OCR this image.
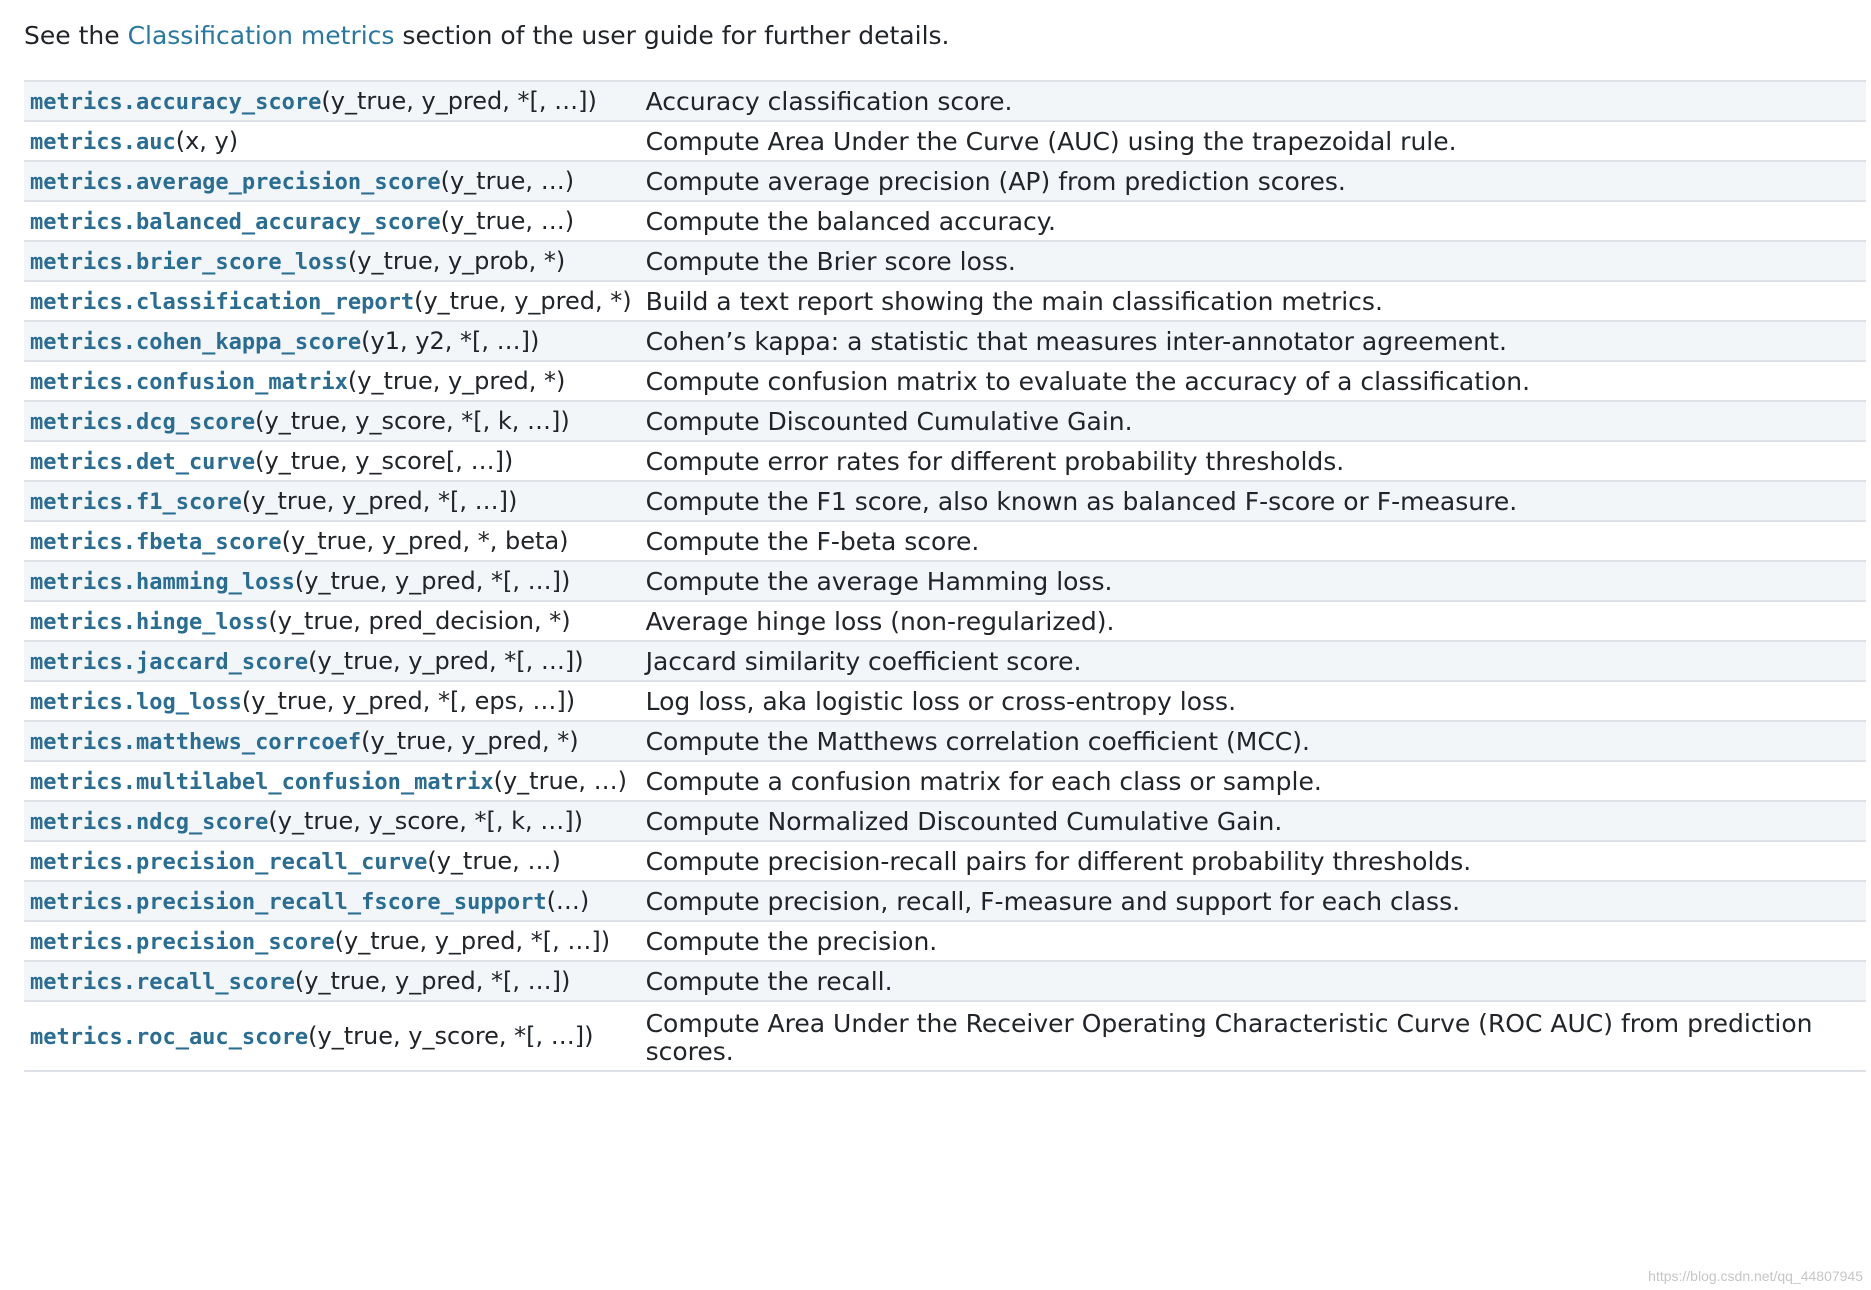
See the Classification metrics section of the user guide for further details.
metrics.accuracy_score(y_true, y_pred, *[, …])	Accuracy classification score.
metrics.auc(x, y)	Compute Area Under the Curve (AUC) using the trapezoidal rule.
metrics.average_precision_score(y_true, …)	Compute average precision (AP) from prediction scores.
metrics.balanced_accuracy_score(y_true, …)	Compute the balanced accuracy.
metrics.brier_score_loss(y_true, y_prob, *)	Compute the Brier score loss.
metrics.classification_report(y_true, y_pred, *)	Build a text report showing the main classification metrics.
metrics.cohen_kappa_score(y1, y2, *[, …])	Cohen’s kappa: a statistic that measures inter-annotator agreement.
metrics.confusion_matrix(y_true, y_pred, *)	Compute confusion matrix to evaluate the accuracy of a classification.
metrics.dcg_score(y_true, y_score, *[, k, …])	Compute Discounted Cumulative Gain.
metrics.det_curve(y_true, y_score[, …])	Compute error rates for different probability thresholds.
metrics.f1_score(y_true, y_pred, *[, …])	Compute the F1 score, also known as balanced F-score or F-measure.
metrics.fbeta_score(y_true, y_pred, *, beta)	Compute the F-beta score.
metrics.hamming_loss(y_true, y_pred, *[, …])	Compute the average Hamming loss.
metrics.hinge_loss(y_true, pred_decision, *)	Average hinge loss (non-regularized).
metrics.jaccard_score(y_true, y_pred, *[, …])	Jaccard similarity coefficient score.
metrics.log_loss(y_true, y_pred, *[, eps, …])	Log loss, aka logistic loss or cross-entropy loss.
metrics.matthews_corrcoef(y_true, y_pred, *)	Compute the Matthews correlation coefficient (MCC).
metrics.multilabel_confusion_matrix(y_true, …)	Compute a confusion matrix for each class or sample.
metrics.ndcg_score(y_true, y_score, *[, k, …])	Compute Normalized Discounted Cumulative Gain.
metrics.precision_recall_curve(y_true, …)	Compute precision-recall pairs for different probability thresholds.
metrics.precision_recall_fscore_support(…)	Compute precision, recall, F-measure and support for each class.
metrics.precision_score(y_true, y_pred, *[, …])	Compute the precision.
metrics.recall_score(y_true, y_pred, *[, …])	Compute the recall.
metrics.roc_auc_score(y_true, y_score, *[, …])	Compute Area Under the Receiver Operating Characteristic Curve (ROC AUC) from prediction scores.
https://blog.csdn.net/qq_44807945
